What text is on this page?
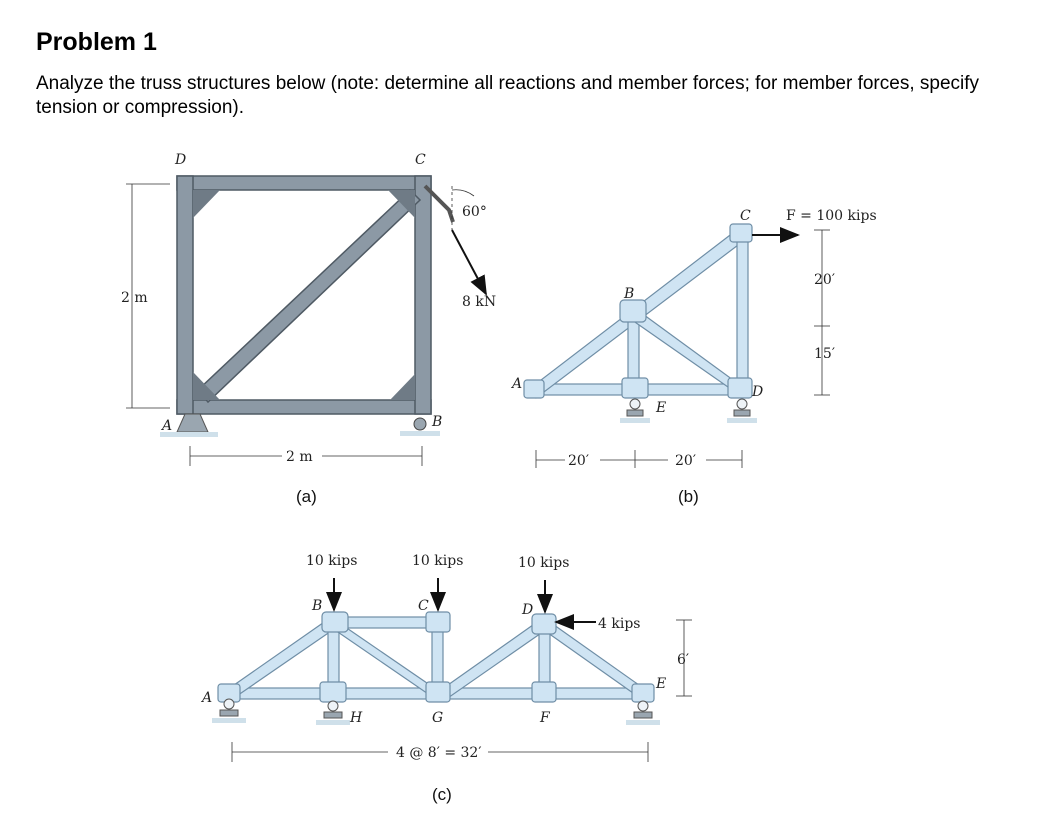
Problem 1

Analyze the truss structures below (note: determine all reactions and member forces; for member forces, specify tension or compression).

D	C
A	B
60°
8 kN
2 m
2 m
(a)
A
B
C
D
E
F = 100 kips
20′
15′
20′	20′
(b)
10 kips	10 kips	10 kips
4 kips
A
B	C	D
E
F
G
H
6′
4 @ 8′ = 32′
(c)
